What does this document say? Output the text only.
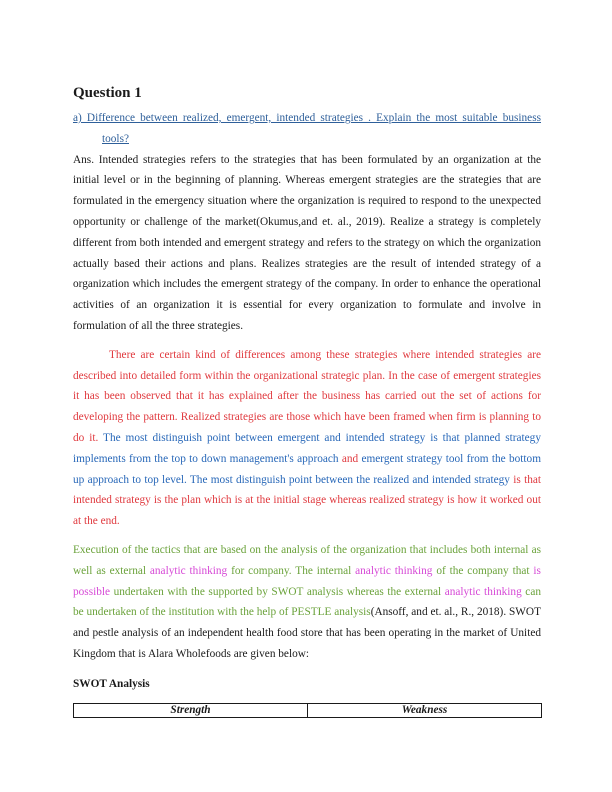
Question 1
a) Difference between realized, emergent, intended strategies . Explain the most suitable business tools?

Ans. Intended strategies refers to the strategies that has been formulated by an organization at the initial level or in the beginning of planning. Whereas emergent strategies are the strategies that are formulated in the emergency situation where the organization is required to respond to the unexpected opportunity or challenge of the market(Okumus,and et. al., 2019). Realize a strategy is completely different from both intended and emergent strategy and refers to the strategy on which the organization actually based their actions and plans. Realizes strategies are the result of intended strategy of a organization which includes the emergent strategy of the company. In order to enhance the operational activities of an organization it is essential for every organization to formulate and involve in formulation of all the three strategies.

There are certain kind of differences among these strategies where intended strategies are described into detailed form within the organizational strategic plan. In the case of emergent strategies it has been observed that it has explained after the business has carried out the set of actions for developing the pattern. Realized strategies are those which have been framed when firm is planning to do it. The most distinguish point between emergent and intended strategy is that planned strategy implements from the top to down management's approach and emergent strategy tool from the bottom up approach to top level. The most distinguish point between the realized and intended strategy is that intended strategy is the plan which is at the initial stage whereas realized strategy is how it worked out at the end.

Execution of the tactics that are based on the analysis of the organization that includes both internal as well as external analytic thinking for company. The internal analytic thinking of the company that is possible undertaken with the supported by SWOT analysis whereas the external analytic thinking can be undertaken of the institution with the help of PESTLE analysis(Ansoff, and et. al., R., 2018). SWOT and pestle analysis of an independent health food store that has been operating in the market of United Kingdom that is Alara Wholefoods are given below:

SWOT Analysis
Strength	Weakness
